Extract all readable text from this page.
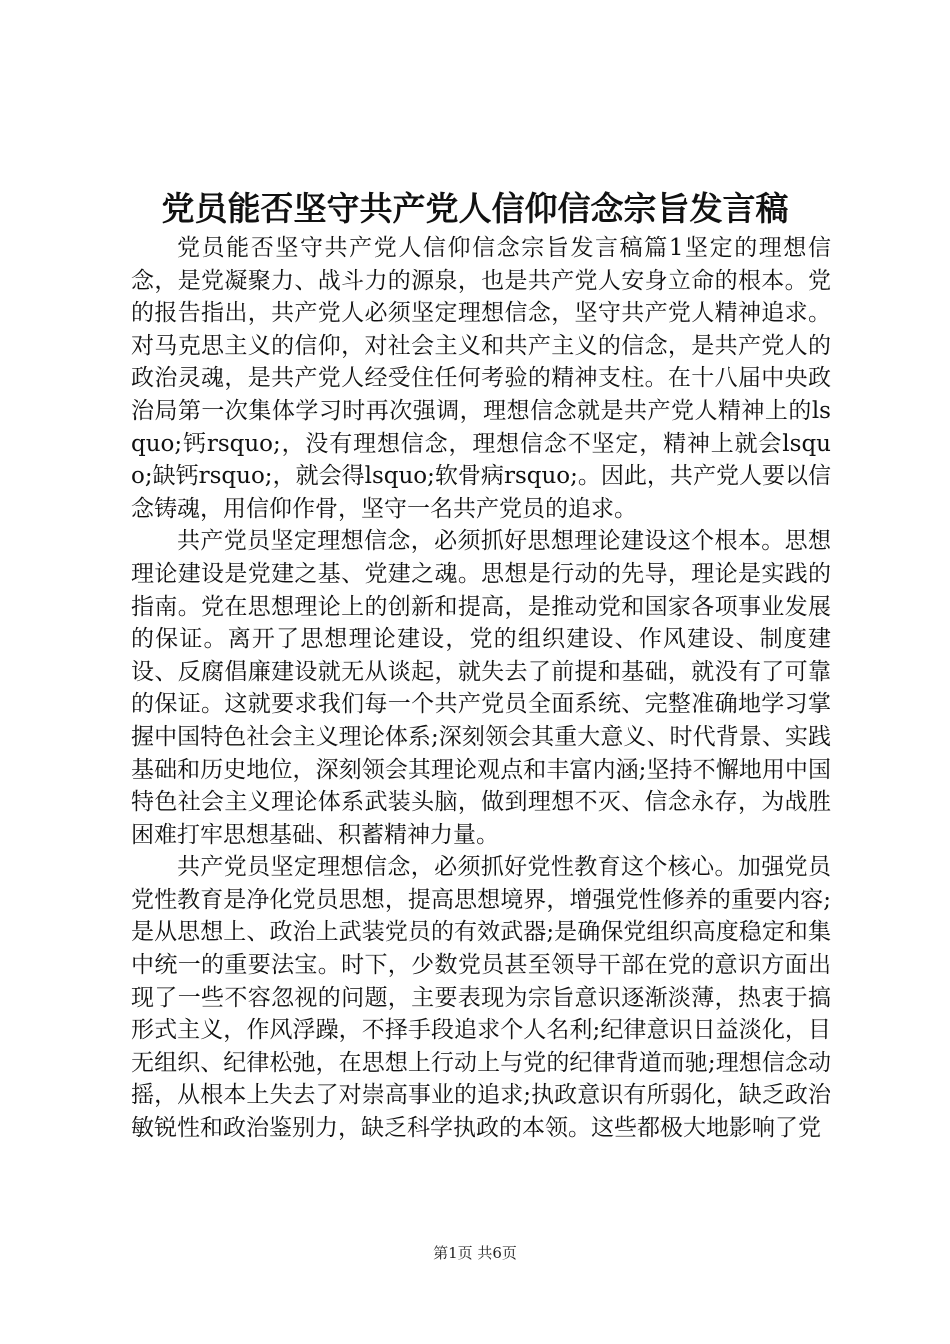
党员能否坚守共产党人信仰信念宗旨发言稿

党员能否坚守共产党人信仰信念宗旨发言稿篇1坚定的理想信念，是党凝聚力、战斗力的源泉，也是共产党人安身立命的根本。党的报告指出，共产党人必须坚定理想信念，坚守共产党人精神追求。对马克思主义的信仰，对社会主义和共产主义的信念，是共产党人的政治灵魂，是共产党人经受住任何考验的精神支柱。在十八届中央政治局第一次集体学习时再次强调，理想信念就是共产党人精神上的lsquo;钙rsquo;，没有理想信念，理想信念不坚定，精神上就会lsquo;缺钙rsquo;，就会得lsquo;软骨病rsquo;。因此，共产党人要以信念铸魂，用信仰作骨，坚守一名共产党员的追求。

共产党员坚定理想信念，必须抓好思想理论建设这个根本。思想理论建设是党建之基、党建之魂。思想是行动的先导，理论是实践的指南。党在思想理论上的创新和提高，是推动党和国家各项事业发展的保证。离开了思想理论建设，党的组织建设、作风建设、制度建设、反腐倡廉建设就无从谈起，就失去了前提和基础，就没有了可靠的保证。这就要求我们每一个共产党员全面系统、完整准确地学习掌握中国特色社会主义理论体系;深刻领会其重大意义、时代背景、实践基础和历史地位，深刻领会其理论观点和丰富内涵;坚持不懈地用中国特色社会主义理论体系武装头脑，做到理想不灭、信念永存，为战胜困难打牢思想基础、积蓄精神力量。

共产党员坚定理想信念，必须抓好党性教育这个核心。加强党员党性教育是净化党员思想，提高思想境界，增强党性修养的重要内容;是从思想上、政治上武装党员的有效武器;是确保党组织高度稳定和集中统一的重要法宝。时下，少数党员甚至领导干部在党的意识方面出现了一些不容忽视的问题，主要表现为宗旨意识逐渐淡薄，热衷于搞形式主义，作风浮躁，不择手段追求个人名利;纪律意识日益淡化，目无组织、纪律松弛，在思想上行动上与党的纪律背道而驰;理想信念动摇，从根本上失去了对崇高事业的追求;执政意识有所弱化，缺乏政治敏锐性和政治鉴别力，缺乏科学执政的本领。这些都极大地影响了党

第1页 共6页
